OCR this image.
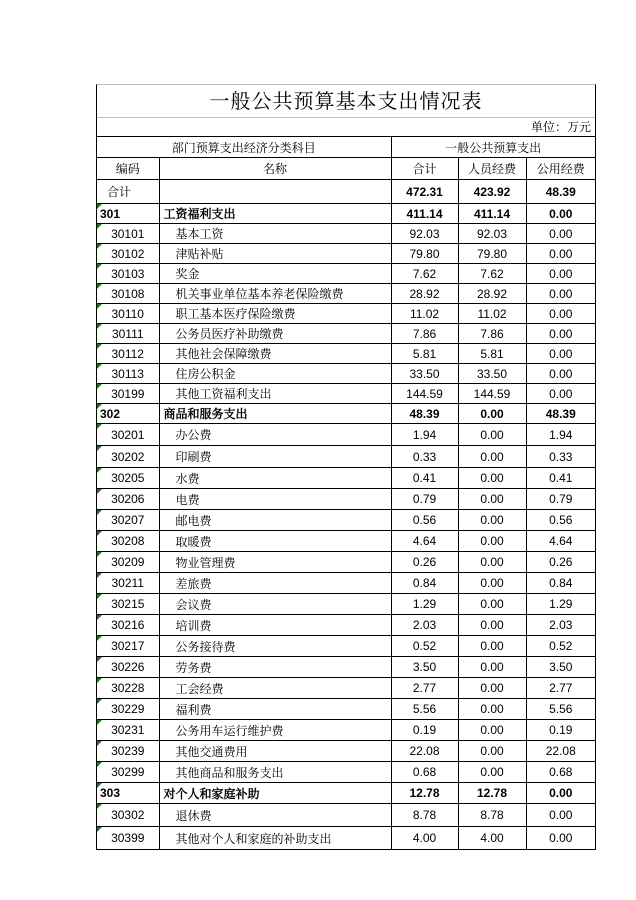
一般公共预算基本支出情况表
单位：万元
部门预算支出经济分类科目		一般公共预算支出		
编码	名称	合计	人员经费	公用经费
合计		472.31	423.92	48.39

301	工资福利支出	411.14	411.14	0.00

30101	基本工资	92.03	92.03	0.00

30102	津贴补贴	79.80	79.80	0.00

30103	奖金	7.62	7.62	0.00

30108	机关事业单位基本养老保险缴费	28.92	28.92	0.00

30110	职工基本医疗保险缴费	11.02	11.02	0.00

30111	公务员医疗补助缴费	7.86	7.86	0.00

30112	其他社会保障缴费	5.81	5.81	0.00

30113	住房公积金	33.50	33.50	0.00

30199	其他工资福利支出	144.59	144.59	0.00

302	商品和服务支出	48.39	0.00	48.39

30201	办公费	1.94	0.00	1.94

30202	印刷费	0.33	0.00	0.33

30205	水费	0.41	0.00	0.41

30206	电费	0.79	0.00	0.79

30207	邮电费	0.56	0.00	0.56

30208	取暖费	4.64	0.00	4.64

30209	物业管理费	0.26	0.00	0.26

30211	差旅费	0.84	0.00	0.84

30215	会议费	1.29	0.00	1.29

30216	培训费	2.03	0.00	2.03

30217	公务接待费	0.52	0.00	0.52

30226	劳务费	3.50	0.00	3.50

30228	工会经费	2.77	0.00	2.77

30229	福利费	5.56	0.00	5.56

30231	公务用车运行维护费	0.19	0.00	0.19

30239	其他交通费用	22.08	0.00	22.08

30299	其他商品和服务支出	0.68	0.00	0.68

303	对个人和家庭补助	12.78	12.78	0.00

30302	退休费	8.78	8.78	0.00

30399	其他对个人和家庭的补助支出	4.00	4.00	0.00
